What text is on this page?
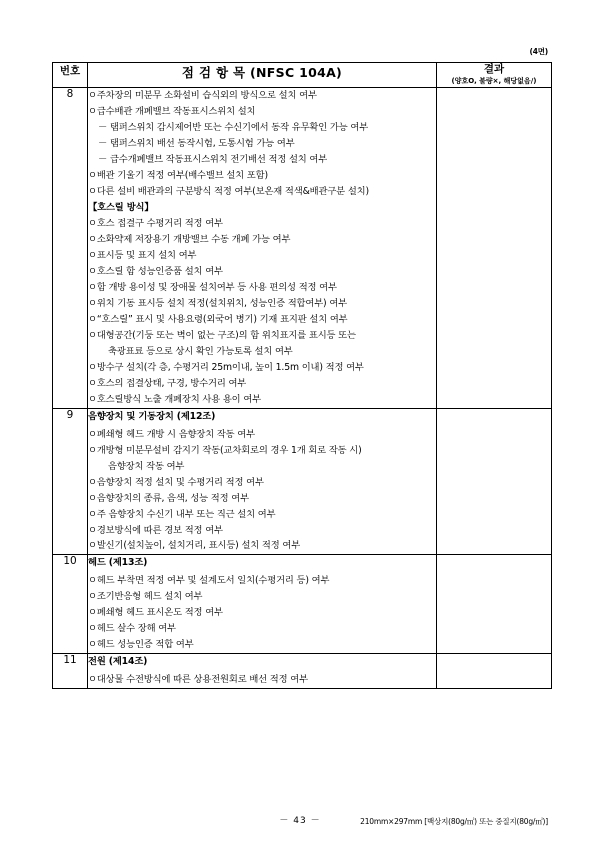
(4면)
번호	점 검 항 목 (NFSC 104A)	결과
(양호O, 불량×, 해당없음/)

8	ㅇ주차장의 미분무 소화설비 습식외의 방식으로 설치 여부
ㅇ급수배관 개폐밸브 작동표시스위치 설치
－ 탬퍼스위치 감시제어반 또는 수신기에서 동작 유무확인 가능 여부
－ 탬퍼스위치 배선 동작시험, 도통시험 가능 여부
－ 급수개폐밸브 작동표시스위치 전기배선 적정 설치 여부
ㅇ배관 기울기 적정 여부(배수밸브 설치 포함)
ㅇ다른 설비 배관과의 구분방식 적정 여부(보온재 적색&배관구분 설치)
【호스릴 방식】
ㅇ호스 접결구 수평거리 적정 여부
ㅇ소화약제 저장용기 개방밸브 수동 개폐 가능 여부
ㅇ표시등 및 표지 설치 여부
ㅇ호스릴 함 성능인증품 설치 여부
ㅇ함 개방 용이성 및 장애물 설치여부 등 사용 편의성 적정 여부
ㅇ위치 기동 표시등 설치 적정(설치위치, 성능인증 적합여부) 여부
ㅇ“호스릴” 표시 및 사용요령(외국어 병기) 기재 표지판 설치 여부
ㅇ대형공간(기둥 또는 벽이 없는 구조)의 함 위치표지를 표시등 또는
축광표료 등으로 상시 확인 가능토록 설치 여부
ㅇ방수구 설치(각 층, 수평거리 25m이내, 높이 1.5m 이내) 적정 여부
ㅇ호스의 접결상태, 구경, 방수거리 여부
ㅇ호스릴방식 노출 개폐장치 사용 용이 여부

9	음향장치 및 기동장치 (제12조)
ㅇ폐쇄형 헤드 개방 시 음향장치 작동 여부
ㅇ개방형 미분무설비 감지기 작동(교차회로의 경우 1개 회로 작동 시)
음향장치 작동 여부
ㅇ음향장치 적정 설치 및 수평거리 적정 여부
ㅇ음향장치의 종류, 음색, 성능 적정 여부
ㅇ주 음향장치 수신기 내부 또는 직근 설치 여부
ㅇ경보방식에 따른 경보 적정 여부
ㅇ발신기(설치높이, 설치거리, 표시등) 설치 적정 여부

10	헤드 (제13조)
ㅇ헤드 부착면 적정 여부 및 설계도서 일치(수평거리 등) 여부
ㅇ조기반응형 헤드 설치 여부
ㅇ폐쇄형 헤드 표시온도 적정 여부
ㅇ헤드 살수 장해 여부
ㅇ헤드 성능인증 적합 여부

11	전원 (제14조)
ㅇ대상물 수전방식에 따른 상용전원회로 배선 적정 여부

－ 43 －	210mm×297mm [백상지(80g/㎡) 또는 중질지(80g/㎡)]
